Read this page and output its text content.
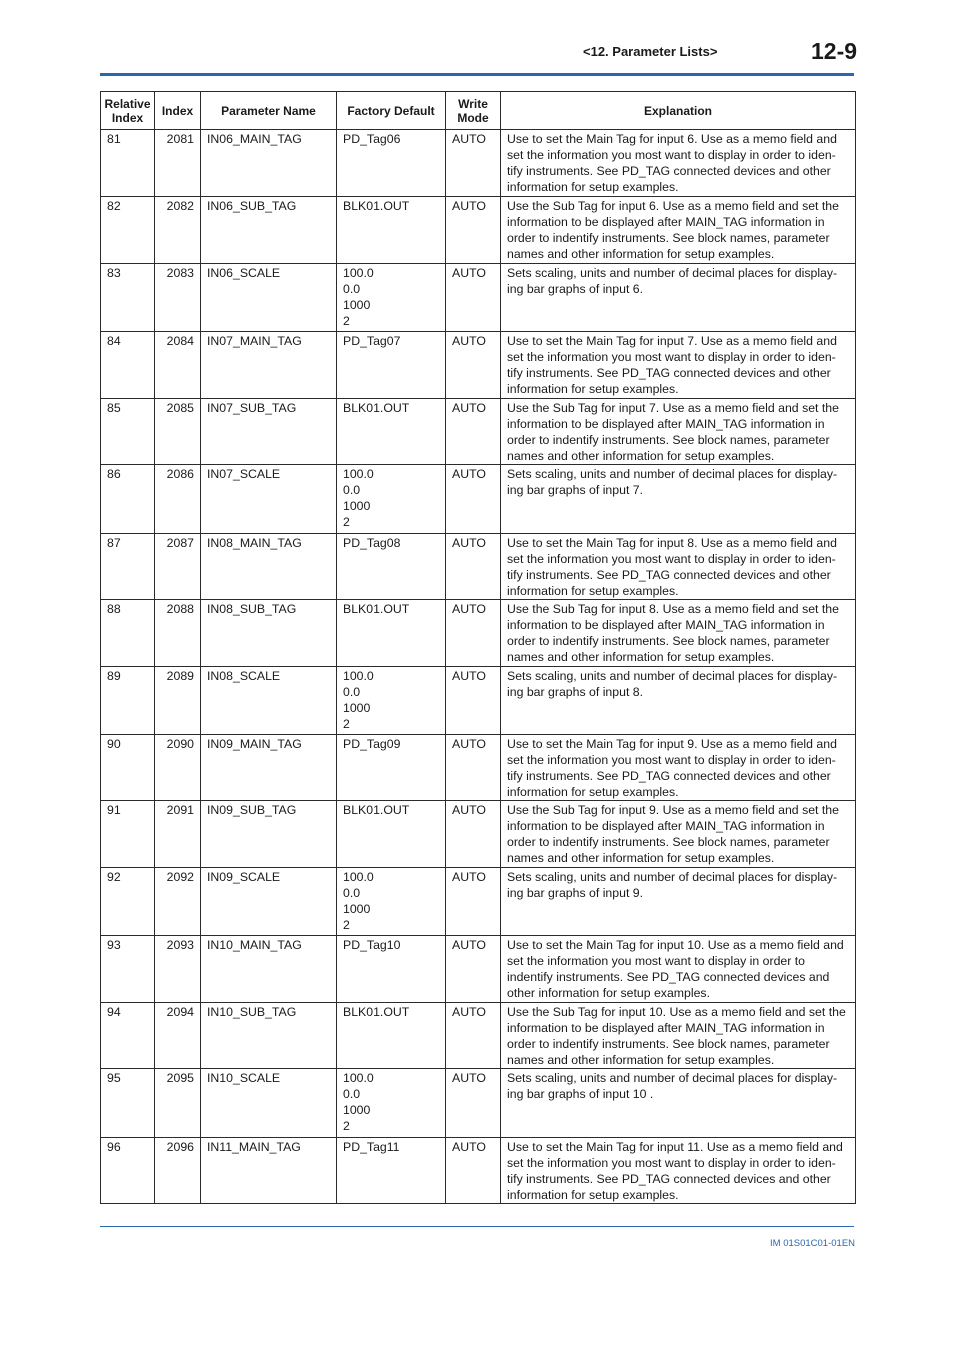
<12. Parameter Lists>	12-9
Relative Index	Index	Parameter Name	Factory Default	Write Mode	Explanation
81	2081	IN06_MAIN_TAG	PD_Tag06	AUTO	Use to set the Main Tag for input 6. Use as a memo field and set the information you most want to display in order to iden- tify instruments. See PD_TAG connected devices and other information for setup examples.
82	2082	IN06_SUB_TAG	BLK01.OUT	AUTO	Use the Sub Tag for input 6. Use as a memo field and set the information to be displayed after MAIN_TAG information in order to indentify instruments. See block names, parameter names and other information for setup examples.
83	2083	IN06_SCALE	100.0
0.0
1000
2	AUTO	Sets scaling, units and number of decimal places for display- ing bar graphs of input 6.
84	2084	IN07_MAIN_TAG	PD_Tag07	AUTO	Use to set the Main Tag for input 7. Use as a memo field and set the information you most want to display in order to iden- tify instruments. See PD_TAG connected devices and other information for setup examples.
85	2085	IN07_SUB_TAG	BLK01.OUT	AUTO	Use the Sub Tag for input 7. Use as a memo field and set the information to be displayed after MAIN_TAG information in order to indentify instruments. See block names, parameter names and other information for setup examples.
86	2086	IN07_SCALE	100.0
0.0
1000
2	AUTO	Sets scaling, units and number of decimal places for display- ing bar graphs of input 7.
87	2087	IN08_MAIN_TAG	PD_Tag08	AUTO	Use to set the Main Tag for input 8. Use as a memo field and set the information you most want to display in order to iden- tify instruments. See PD_TAG connected devices and other information for setup examples.
88	2088	IN08_SUB_TAG	BLK01.OUT	AUTO	Use the Sub Tag for input 8. Use as a memo field and set the information to be displayed after MAIN_TAG information in order to indentify instruments. See block names, parameter names and other information for setup examples.
89	2089	IN08_SCALE	100.0
0.0
1000
2	AUTO	Sets scaling, units and number of decimal places for display- ing bar graphs of input 8.
90	2090	IN09_MAIN_TAG	PD_Tag09	AUTO	Use to set the Main Tag for input 9. Use as a memo field and set the information you most want to display in order to iden- tify instruments. See PD_TAG connected devices and other information for setup examples.
91	2091	IN09_SUB_TAG	BLK01.OUT	AUTO	Use the Sub Tag for input 9. Use as a memo field and set the information to be displayed after MAIN_TAG information in order to indentify instruments. See block names, parameter names and other information for setup examples.
92	2092	IN09_SCALE	100.0
0.0
1000
2	AUTO	Sets scaling, units and number of decimal places for display- ing bar graphs of input 9.
93	2093	IN10_MAIN_TAG	PD_Tag10	AUTO	Use to set the Main Tag for input 10. Use as a memo field and set the information you most want to display in order to indentify instruments. See PD_TAG connected devices and other information for setup examples.
94	2094	IN10_SUB_TAG	BLK01.OUT	AUTO	Use the Sub Tag for input 10. Use as a memo field and set the information to be displayed after MAIN_TAG information in order to indentify instruments. See block names, parameter names and other information for setup examples.
95	2095	IN10_SCALE	100.0
0.0
1000
2	AUTO	Sets scaling, units and number of decimal places for display- ing bar graphs of input 10 .
96	2096	IN11_MAIN_TAG	PD_Tag11	AUTO	Use to set the Main Tag for input 11. Use as a memo field and set the information you most want to display in order to iden- tify instruments. See PD_TAG connected devices and other information for setup examples.
IM 01S01C01-01EN
